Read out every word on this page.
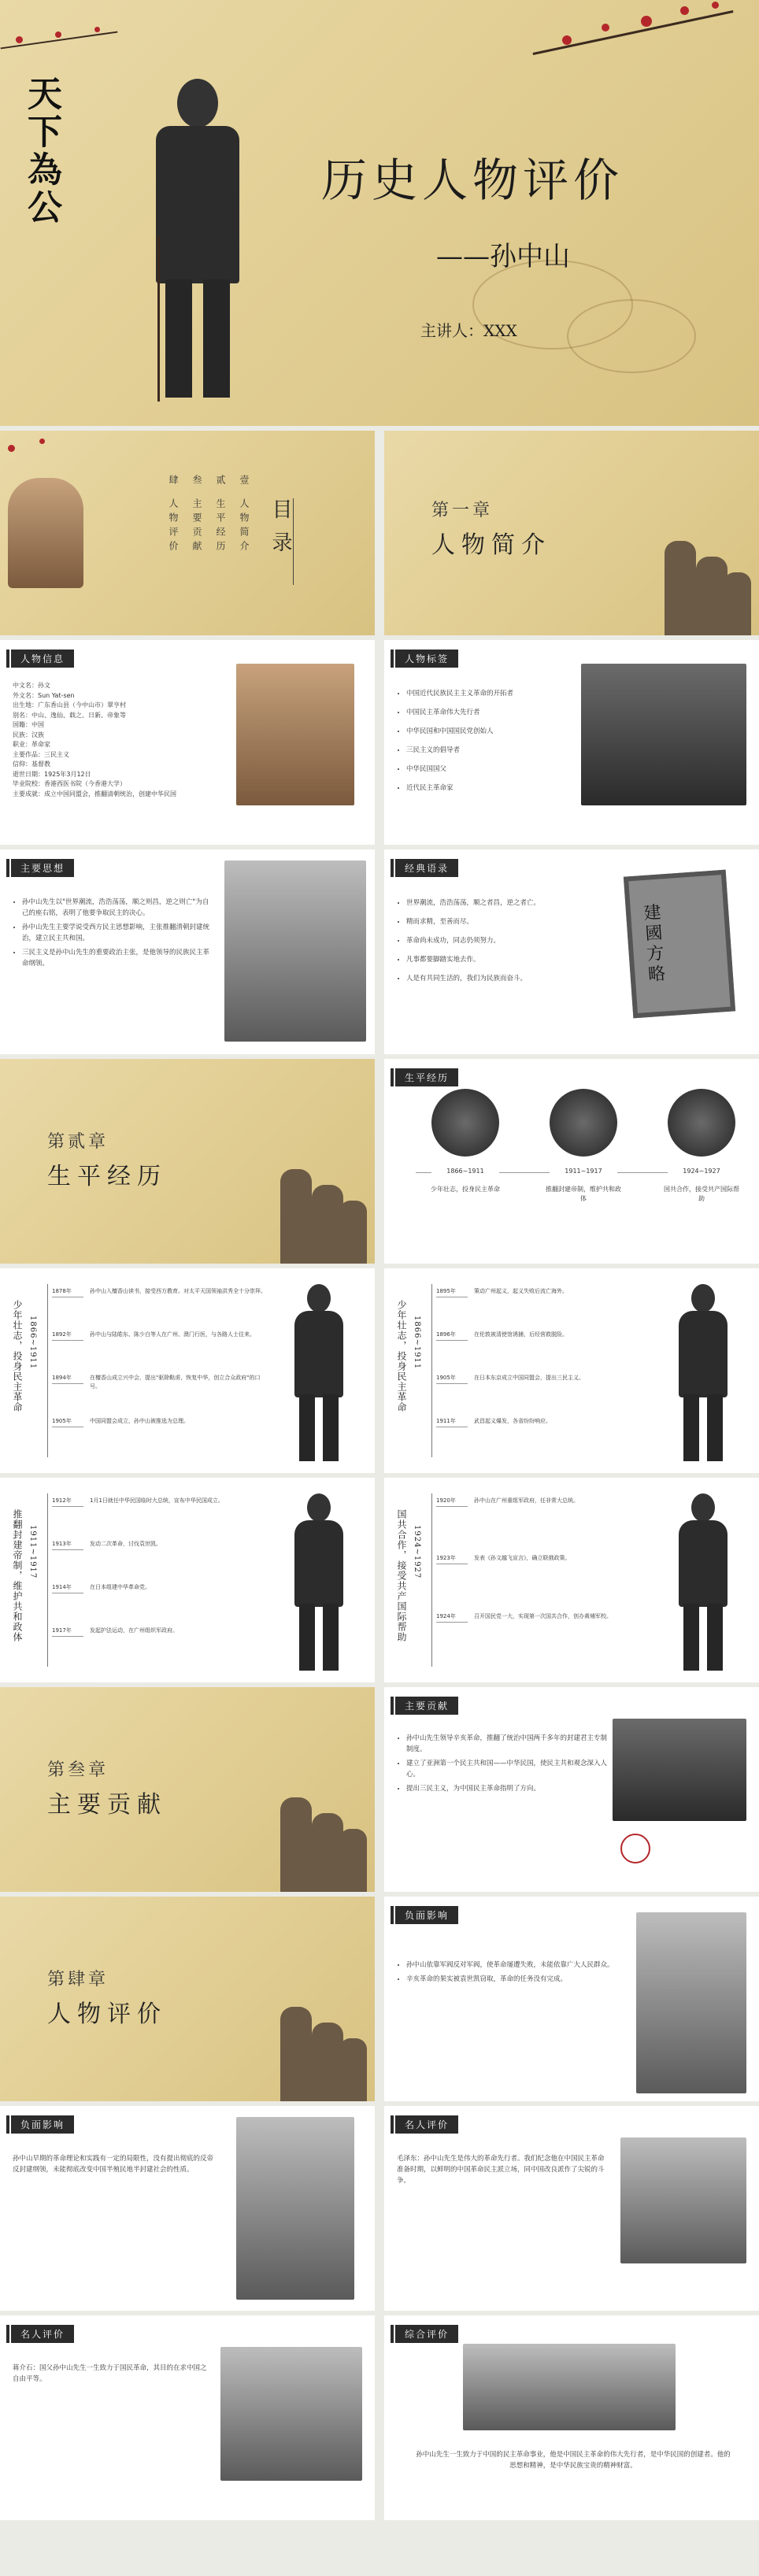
天下為公	历史人物评价
——孙中山
主讲人：XXX
壹
人物简介
贰
生平经历
叁
主要贡献
肆
人物评价	目录	第一章
人物简介
人物信息
中文名：孙文
外文名：Sun Yat-sen
出生地：广东香山县（今中山市）翠亨村
别名：中山、逸仙、载之、日新、帝象等
国籍：中国
民族：汉族
职业：革命家
主要作品：三民主义
信仰：基督教
逝世日期：1925年3月12日
毕业院校：香港西医书院（今香港大学）
主要成就：成立中国同盟会，推翻清朝统治，创建中华民国
人物标签
• 中国近代民族民主主义革命的开拓者
• 中国民主革命伟大先行者
• 中华民国和中国国民党创始人
• 三民主义的倡导者
• 中华民国国父
• 近代民主革命家
主要思想
• 孙中山先生以"世界潮流，浩浩荡荡，顺之则昌，逆之则亡"为自己的座右铭，表明了他要争取民主的决心。
• 孙中山先生主要学说受西方民主思想影响，主张推翻清朝封建统治，建立民主共和国。
• 三民主义是孙中山先生的重要政治主张，是他领导的民族民主革命纲领。
经典语录
• 世界潮流，浩浩荡荡，顺之者昌，逆之者亡。
• 精而求精，至善而尽。
• 革命尚未成功，同志仍须努力。
• 凡事都要脚踏实地去作。
• 人是有共同生活的，我们为民族而奋斗。	建國方略
第贰章
生平经历
生平经历
1866~1911
少年壮志，投身民主革命
1911~1917
推翻封建帝制，维护共和政体
1924~1927
国共合作，接受共产国际帮助
少年壮志，投身民主革命 1866~1911
1878年	孙中山入檀香山读书，接受西方教育。对太平天国领袖洪秀全十分崇拜。
1892年	孙中山与陆皓东、陈少白等人在广州、澳门行医，与各路人士往来。
1894年	在檀香山成立兴中会，提出"驱除鞑虏，恢复中华，创立合众政府"的口号。
1905年	中国同盟会成立，孙中山被推选为总理。
少年壮志，投身民主革命 1866~1911
1895年	策动广州起义，起义失败后流亡海外。
1896年	在伦敦被清使馆诱捕，后经营救脱险。
1905年	在日本东京成立中国同盟会，提出三民主义。
1911年	武昌起义爆发，各省纷纷响应。
推翻封建帝制，维护共和政体 1911~1917
1912年	1月1日就任中华民国临时大总统，宣布中华民国成立。
1913年	发动二次革命，讨伐袁世凯。
1914年	在日本组建中华革命党。
1917年	发起护法运动，在广州组织军政府。	国共合作，接受共产国际帮助 1924~1927
1920年	孙中山在广州重组军政府，任非常大总统。
1923年	发表《孙文越飞宣言》，确立联俄政策。
1924年	召开国民党一大，实现第一次国共合作，创办黄埔军校。
第叁章
主要贡献
主要贡献
• 孙中山先生领导辛亥革命，推翻了统治中国两千多年的封建君主专制制度。
• 建立了亚洲第一个民主共和国——中华民国，使民主共和观念深入人心。
• 提出三民主义，为中国民主革命指明了方向。
第肆章
人物评价
负面影响
• 孙中山依靠军阀反对军阀，使革命屡遭失败，未能依靠广大人民群众。
• 辛亥革命的果实被袁世凯窃取，革命的任务没有完成。
负面影响
孙中山早期的革命理论和实践有一定的局限性，没有提出彻底的反帝反封建纲领，未能彻底改变中国半殖民地半封建社会的性质。
名人评价
毛泽东：孙中山先生是伟大的革命先行者。我们纪念他在中国民主革命准备时期，以鲜明的中国革命民主派立场，同中国改良派作了尖锐的斗争。
名人评价
蒋介石：国父孙中山先生一生致力于国民革命，其目的在求中国之自由平等。
综合评价
孙中山先生一生致力于中国的民主革命事业，他是中国民主革命的伟大先行者，是中华民国的创建者。他的思想和精神，是中华民族宝贵的精神财富。
